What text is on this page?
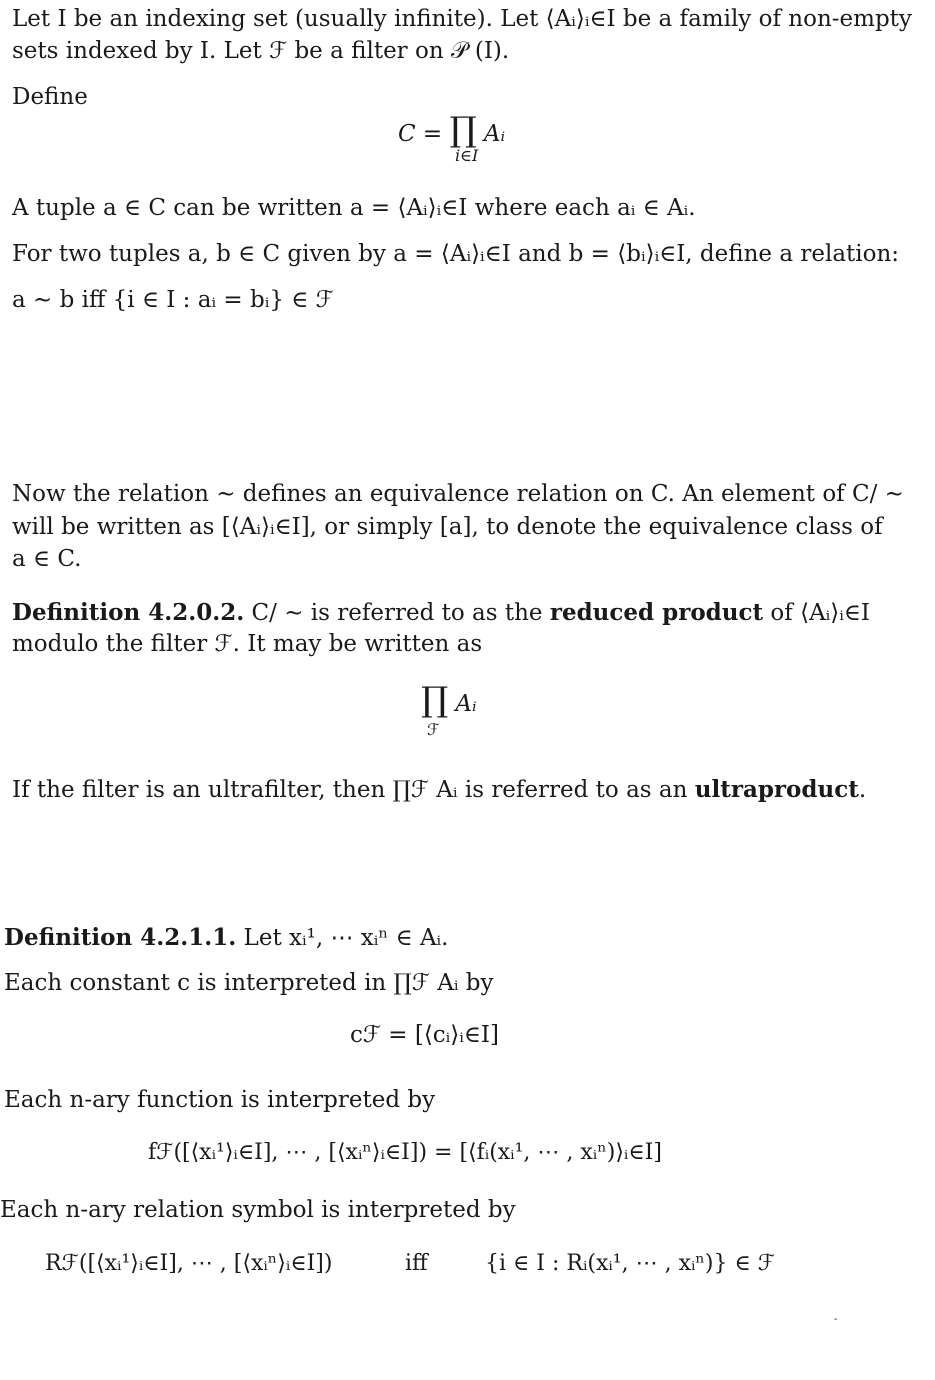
Let I be an indexing set (usually infinite). Let ⟨Aᵢ⟩ᵢ∈I be a family of non-empty
sets indexed by I. Let ℱ be a filter on 𝒫 (I).
Define
C = ∏ Aᵢ
i∈I
A tuple a ∈ C can be written a = ⟨Aᵢ⟩ᵢ∈I where each aᵢ ∈ Aᵢ.
For two tuples a, b ∈ C given by a = ⟨Aᵢ⟩ᵢ∈I and b = ⟨bᵢ⟩ᵢ∈I, define a relation:
a ∼ b iff {i ∈ I : aᵢ = bᵢ} ∈ ℱ
Now the relation ∼ defines an equivalence relation on C. An element of C/ ∼
will be written as [⟨Aᵢ⟩ᵢ∈I], or simply [a], to denote the equivalence class of
a ∈ C.
Definition 4.2.0.2. C/ ∼ is referred to as the reduced product of ⟨Aᵢ⟩ᵢ∈I
modulo the filter ℱ. It may be written as
∏ Aᵢ
ℱ
If the filter is an ultrafilter, then ∏ℱ Aᵢ is referred to as an ultraproduct.
Definition 4.2.1.1. Let xᵢ¹, ⋯ xᵢⁿ ∈ Aᵢ.
Each constant c is interpreted in ∏ℱ Aᵢ by
cℱ = [⟨cᵢ⟩ᵢ∈I]
Each n-ary function is interpreted by
fℱ([⟨xᵢ¹⟩ᵢ∈I], ⋯ , [⟨xᵢⁿ⟩ᵢ∈I]) = [⟨fᵢ(xᵢ¹, ⋯ , xᵢⁿ)⟩ᵢ∈I]
Each n-ary relation symbol is interpreted by
Rℱ([⟨xᵢ¹⟩ᵢ∈I], ⋯ , [⟨xᵢⁿ⟩ᵢ∈I])	iff	{i ∈ I : Rᵢ(xᵢ¹, ⋯ , xᵢⁿ)} ∈ ℱ
‐
